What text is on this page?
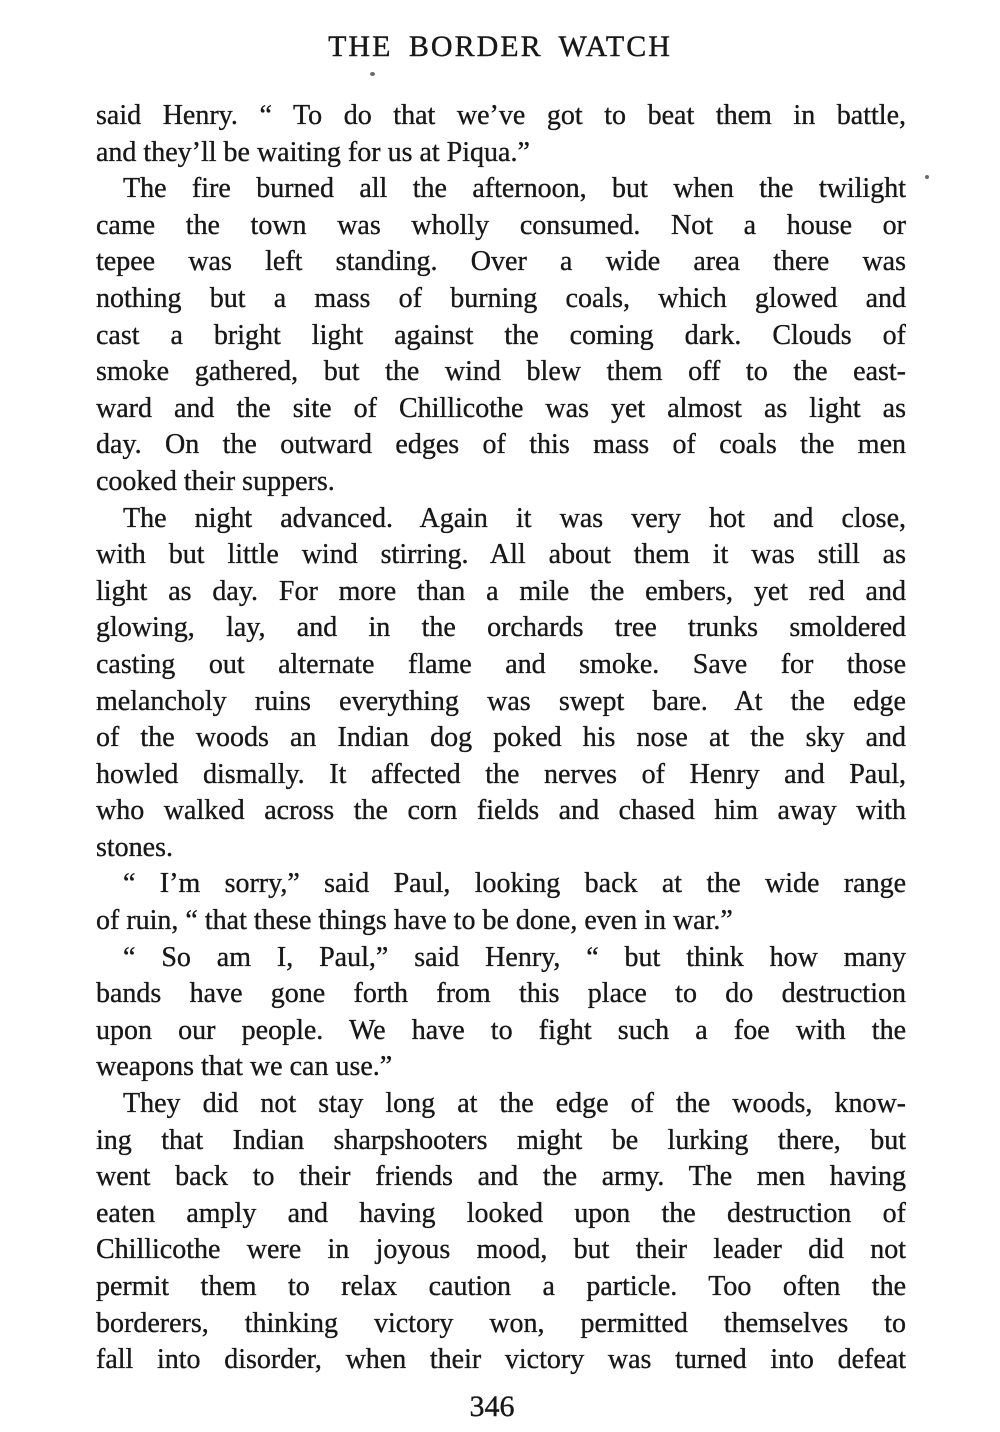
THE BORDER WATCH
said Henry. “ To do that we’ve got to beat them in battle,
and they’ll be waiting for us at Piqua.”
The fire burned all the afternoon, but when the twilight
came the town was wholly consumed. Not a house or
tepee was left standing. Over a wide area there was
nothing but a mass of burning coals, which glowed and
cast a bright light against the coming dark. Clouds of
smoke gathered, but the wind blew them off to the east-
ward and the site of Chillicothe was yet almost as light as
day. On the outward edges of this mass of coals the men
cooked their suppers.
The night advanced. Again it was very hot and close,
with but little wind stirring. All about them it was still as
light as day. For more than a mile the embers, yet red and
glowing, lay, and in the orchards tree trunks smoldered
casting out alternate flame and smoke. Save for those
melancholy ruins everything was swept bare. At the edge
of the woods an Indian dog poked his nose at the sky and
howled dismally. It affected the nerves of Henry and Paul,
who walked across the corn fields and chased him away with
stones.
“ I’m sorry,” said Paul, looking back at the wide range
of ruin, “ that these things have to be done, even in war.”
“ So am I, Paul,” said Henry, “ but think how many
bands have gone forth from this place to do destruction
upon our people. We have to fight such a foe with the
weapons that we can use.”
They did not stay long at the edge of the woods, know-
ing that Indian sharpshooters might be lurking there, but
went back to their friends and the army. The men having
eaten amply and having looked upon the destruction of
Chillicothe were in joyous mood, but their leader did not
permit them to relax caution a particle. Too often the
borderers, thinking victory won, permitted themselves to
fall into disorder, when their victory was turned into defeat
346
